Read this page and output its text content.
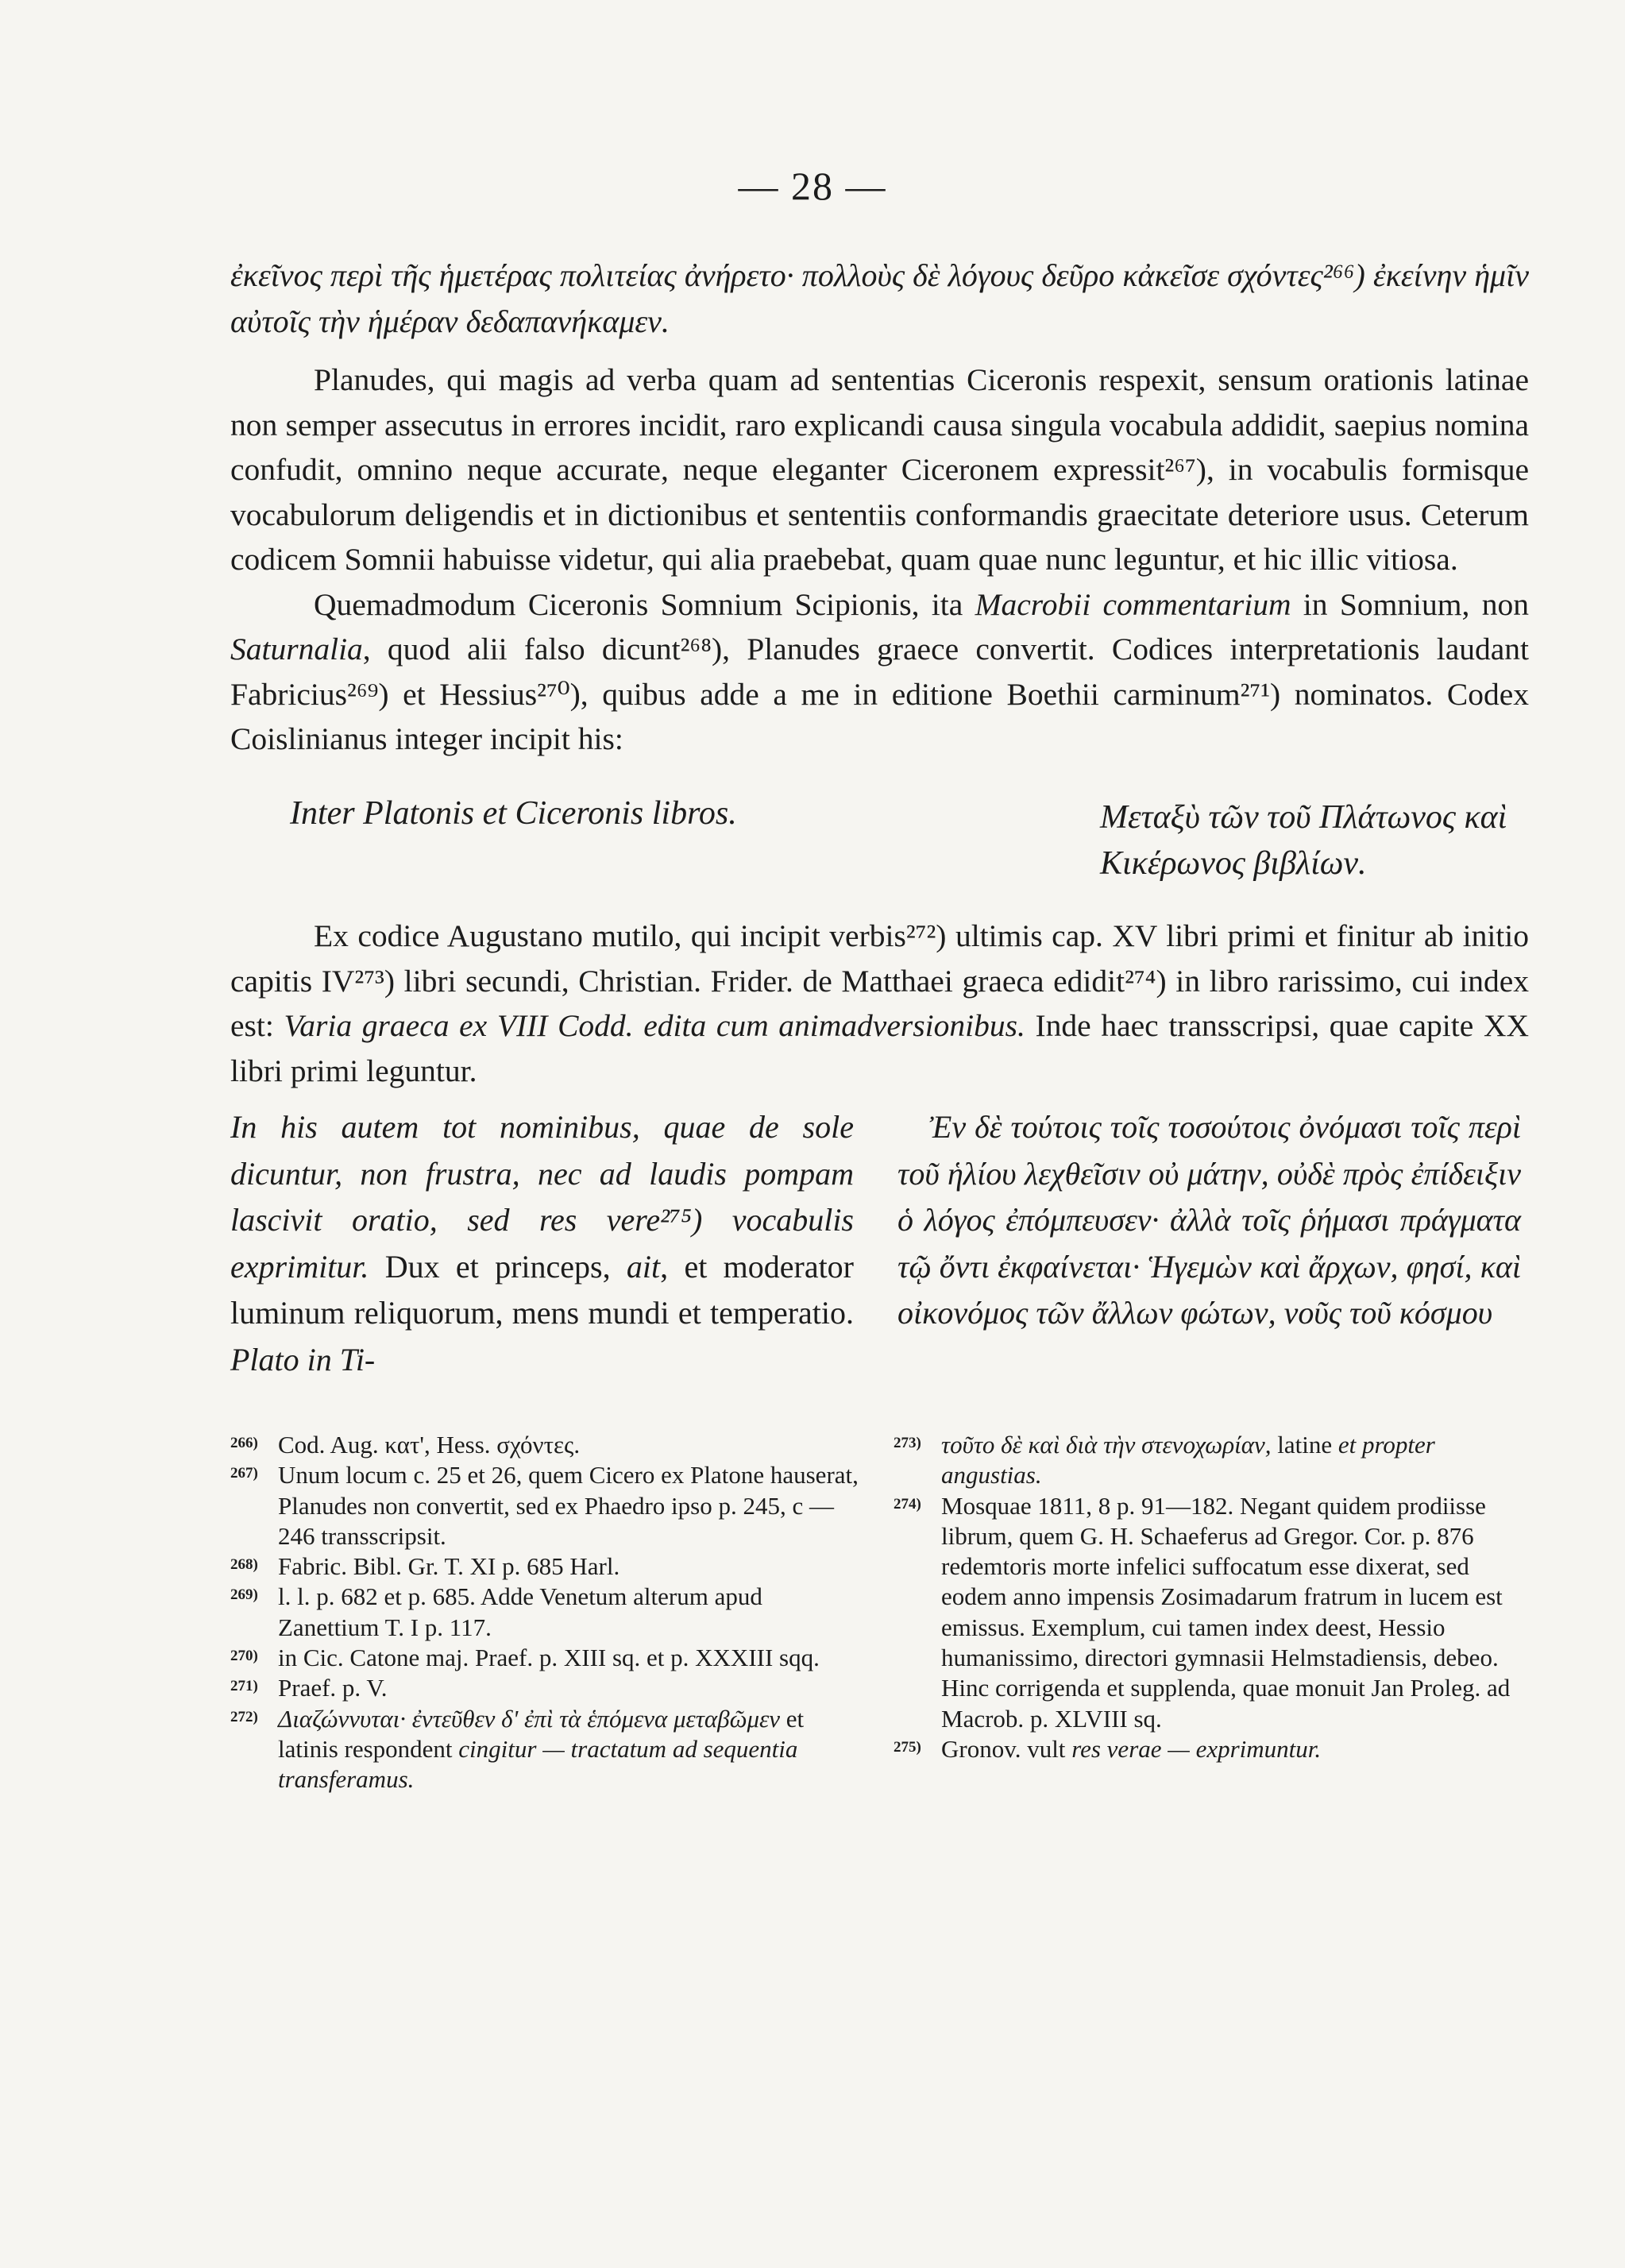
— 28 —
ἐκεῖνος περὶ τῆς ἡμετέρας πολιτείας ἀνήρετο· πολλοὺς δὲ λόγους δεῦρο κἀκεῖσε σχόντες²⁶⁶) ἐκείνην ἡμῖν αὐτοῖς τὴν ἡμέραν δεδαπανήκαμεν.

Planudes, qui magis ad verba quam ad sententias Ciceronis respexit, sensum orationis latinae non semper assecutus in errores incidit, raro explicandi causa singula vocabula addidit, saepius nomina confudit, omnino neque accurate, neque eleganter Ciceronem expressit²⁶⁷), in vocabulis formisque vocabulorum deligendis et in dictionibus et sententiis conformandis graecitate deteriore usus. Ceterum codicem Somnii habuisse videtur, qui alia praebebat, quam quae nunc leguntur, et hic illic vitiosa.

Quemadmodum Ciceronis Somnium Scipionis, ita Macrobii commentarium in Somnium, non Saturnalia, quod alii falso dicunt²⁶⁸), Planudes graece convertit. Codices interpretationis laudant Fabricius²⁶⁹) et Hessius²⁷⁰), quibus adde a me in editione Boethii carminum²⁷¹) nominatos. Codex Coislinianus integer incipit his:

Inter Platonis et Ciceronis libros.	Μεταξὺ τῶν τοῦ Πλάτωνος καὶ Κικέρωνος βιβλίων.

Ex codice Augustano mutilo, qui incipit verbis²⁷²) ultimis cap. XV libri primi et finitur ab initio capitis IV²⁷³) libri secundi, Christian. Frider. de Matthaei graeca edidit²⁷⁴) in libro rarissimo, cui index est: Varia graeca ex VIII Codd. edita cum animadversionibus. Inde haec transscripsi, quae capite XX libri primi leguntur.

In his autem tot nominibus, quae de sole dicuntur, non frustra, nec ad laudis pompam lascivit oratio, sed res vere²⁷⁵) vocabulis exprimitur. Dux et princeps, ait, et moderator luminum reliquorum, mens mundi et temperatio. Plato in Ti-

Ἐν δὲ τούτοις τοῖς τοσούτοις ὀνόμασι τοῖς περὶ τοῦ ἡλίου λεχθεῖσιν οὐ μάτην, οὐδὲ πρὸς ἐπίδειξιν ὁ λόγος ἐπόμπευσεν· ἀλλὰ τοῖς ῥήμασι πράγματα τῷ ὄντι ἐκφαίνεται· Ἡγεμὼν καὶ ἄρχων, φησί, καὶ οἰκονόμος τῶν ἄλλων φώτων, νοῦς τοῦ κόσμου

266) Cod. Aug. κατ', Hess. σχόντες.
267) Unum locum c. 25 et 26, quem Cicero ex Platone hauserat, Planudes non convertit, sed ex Phaedro ipso p. 245, c — 246 transscripsit.
268) Fabric. Bibl. Gr. T. XI p. 685 Harl.
269) l. l. p. 682 et p. 685. Adde Venetum alterum apud Zanettium T. I p. 117.
270) in Cic. Catone maj. Praef. p. XIII sq. et p. XXXIII sqq.
271) Praef. p. V.
272) Διαζώννυται· ἐντεῦθεν δ' ἐπὶ τὰ ἑπόμενα μεταβῶμεν et latinis respondent cingitur — tractatum ad sequentia transferamus.
273) τοῦτο δὲ καὶ διὰ τὴν στενοχωρίαν, latine et propter angustias.
274) Mosquae 1811, 8 p. 91—182. Negant quidem prodiisse librum, quem G. H. Schaeferus ad Gregor. Cor. p. 876 redemtoris morte infelici suffocatum esse dixerat, sed eodem anno impensis Zosimadarum fratrum in lucem est emissus. Exemplum, cui tamen index deest, Hessio humanissimo, directori gymnasii Helmstadiensis, debeo. Hinc corrigenda et supplenda, quae monuit Jan Proleg. ad Macrob. p. XLVIII sq.
275) Gronov. vult res verae — exprimuntur.
